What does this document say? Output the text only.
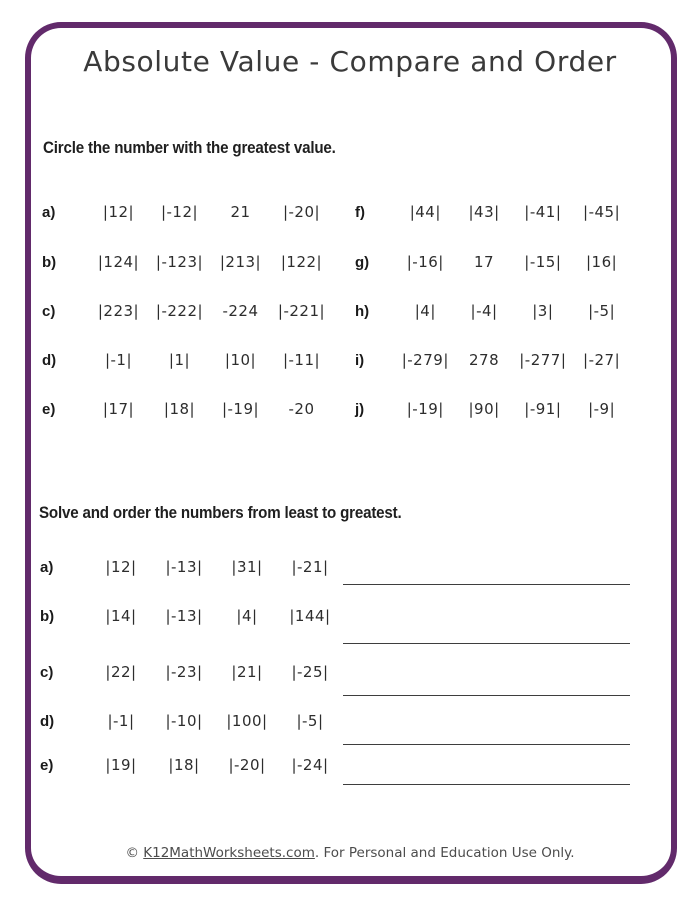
Absolute Value - Compare and Order
Circle the number with the greatest value.
a)	|12|	|-12|	21	|-20|
b)	|124|	|-123|	|213|	|122|
c)	|223|	|-222|	-224	|-221|
d)	|-1|	|1|	|10|	|-11|
e)	|17|	|18|	|-19|	-20
f)	|44|	|43|	|-41|	|-45|
g)	|-16|	17	|-15|	|16|
h)	|4|	|-4|	|3|	|-5|
i)	|-279|	278	|-277|	|-27|
j)	|-19|	|90|	|-91|	|-9|
Solve and order the numbers from least to greatest.
a)	|12|	|-13|	|31|	|-21|
b)	|14|	|-13|	|4|	|144|
c)	|22|	|-23|	|21|	|-25|
d)	|-1|	|-10|	|100|	|-5|
e)	|19|	|18|	|-20|	|-24|
© K12MathWorksheets.com. For Personal and Education Use Only.
